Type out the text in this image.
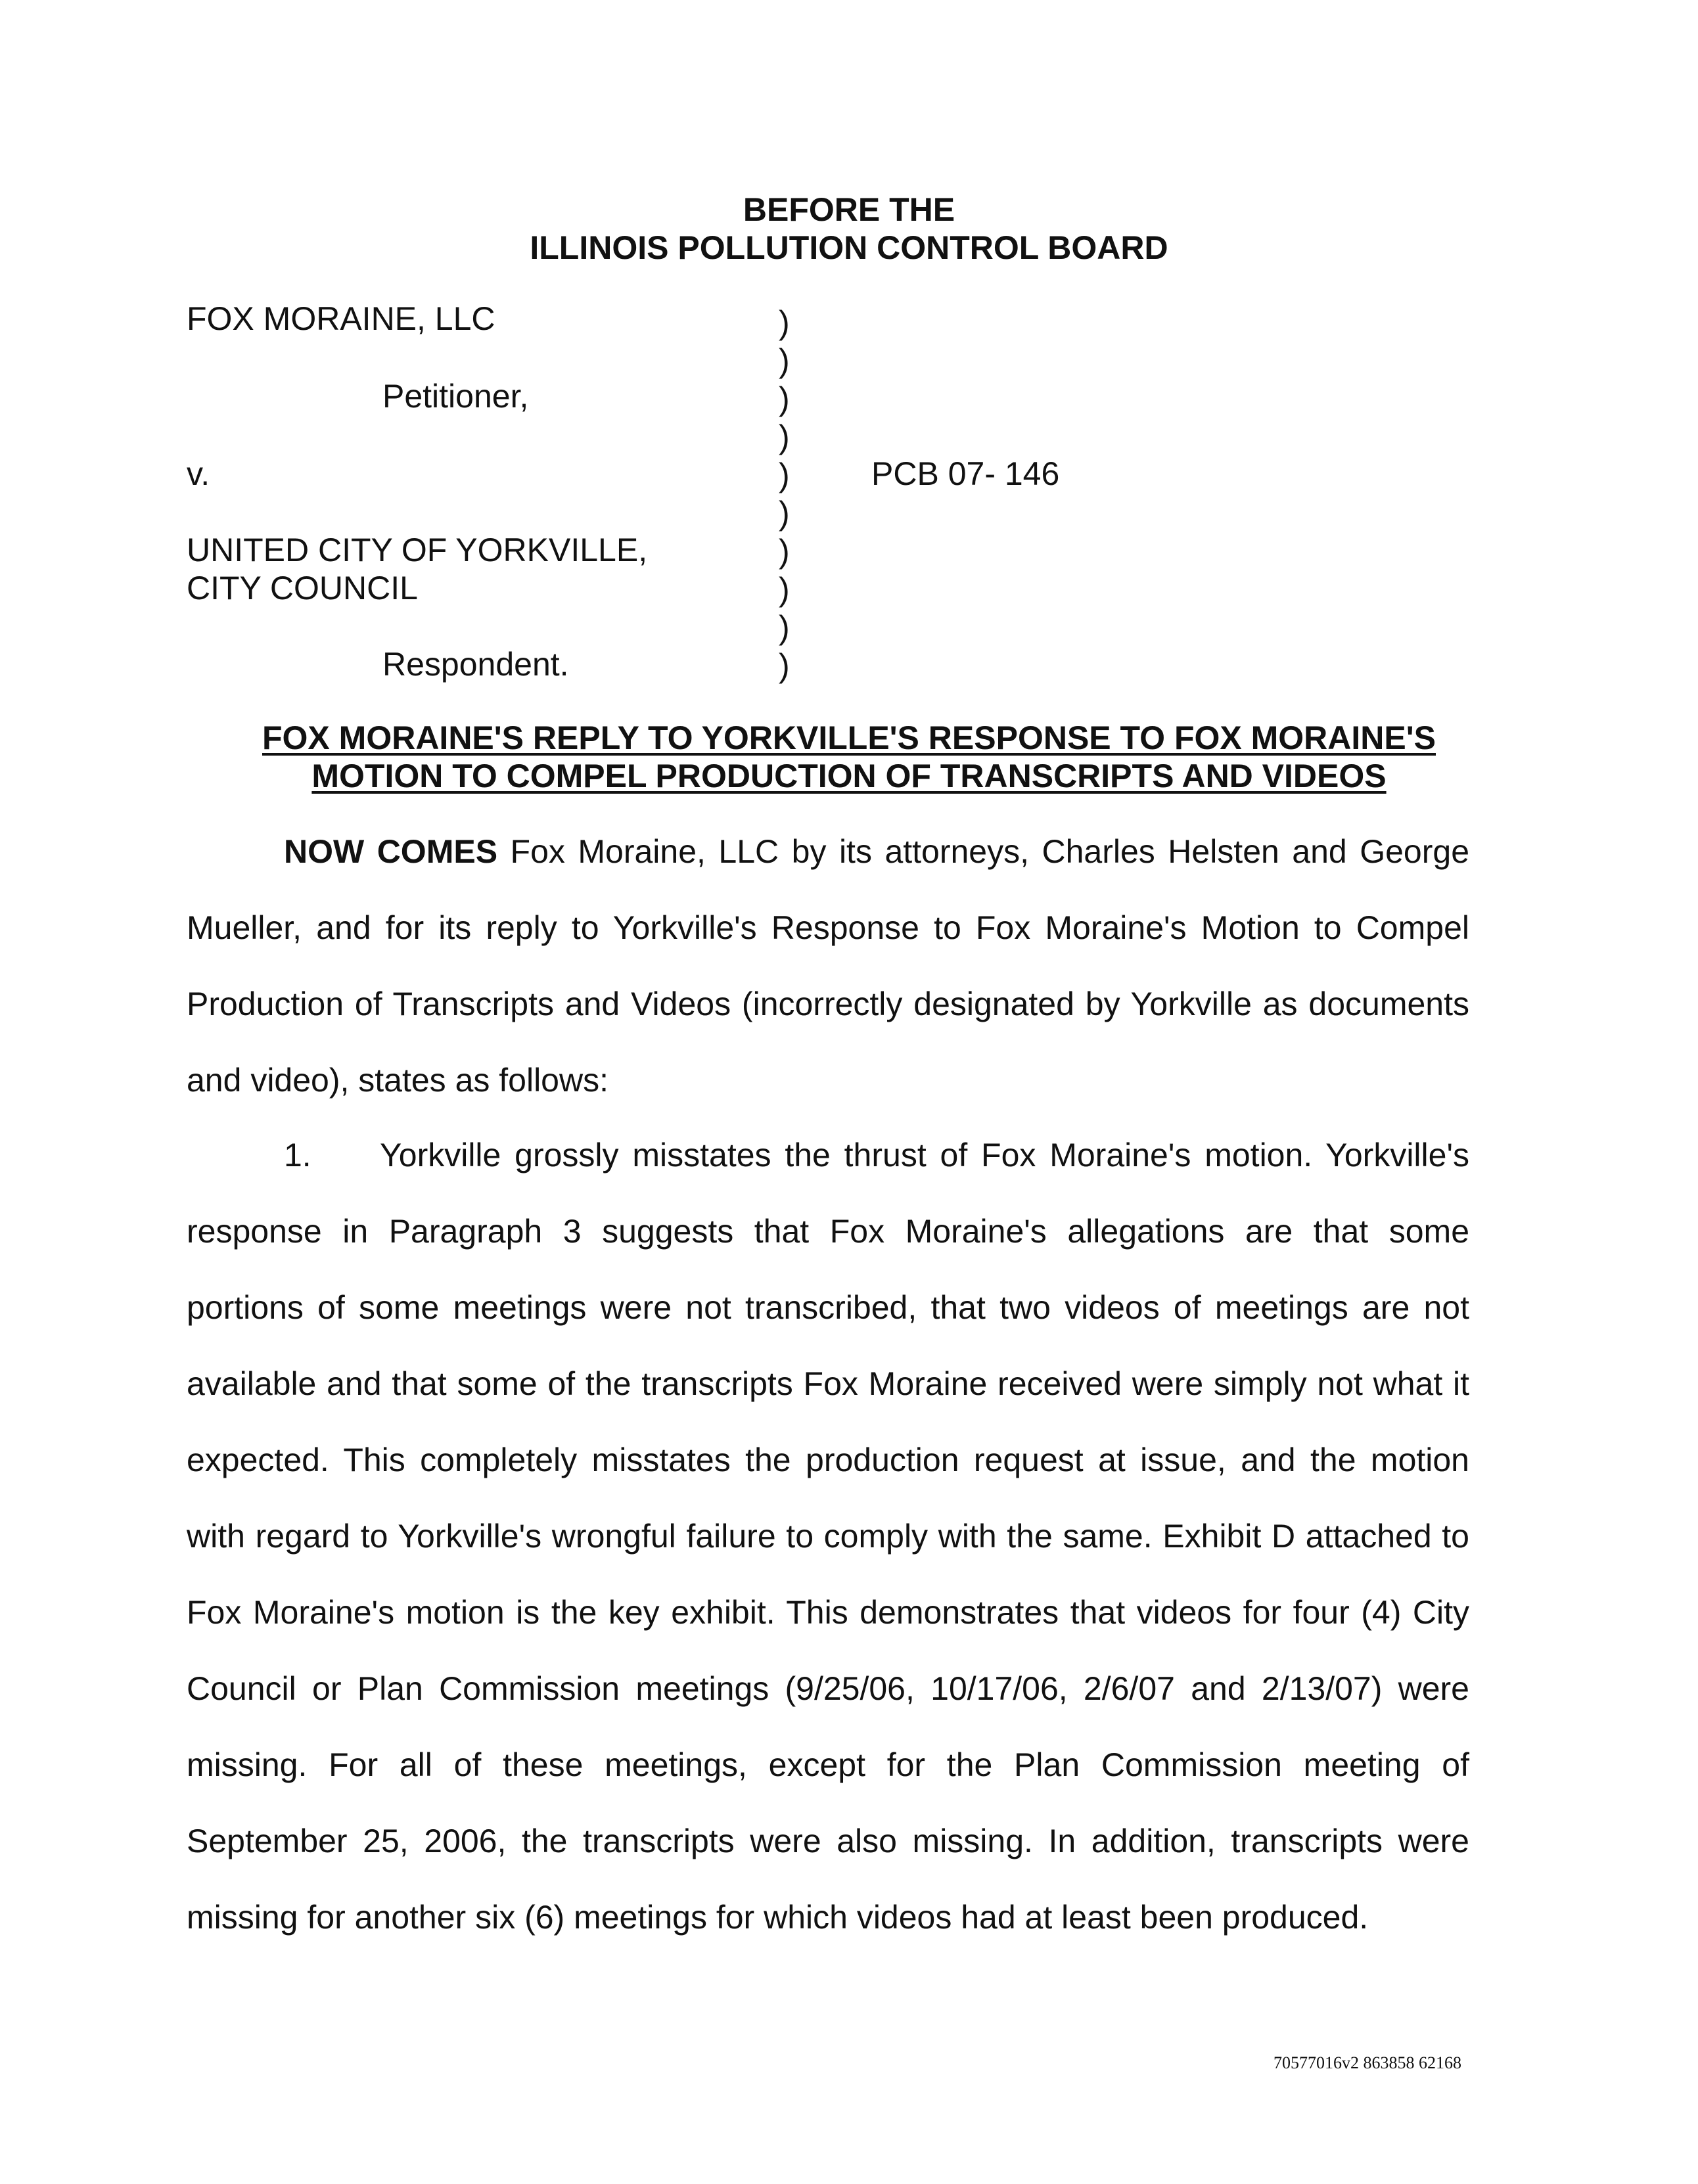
BEFORE THE
ILLINOIS POLLUTION CONTROL BOARD
FOX MORAINE, LLC
Petitioner,
v.
UNITED CITY OF YORKVILLE,
CITY COUNCIL
Respondent.
)
)
)
)
)
)
)
)
)
)
PCB 07- 146
FOX MORAINE'S REPLY TO YORKVILLE'S RESPONSE TO FOX MORAINE'S
MOTION TO COMPEL PRODUCTION OF TRANSCRIPTS AND VIDEOS
NOW COMES Fox Moraine, LLC by its attorneys, Charles Helsten and George
Mueller, and for its reply to Yorkville's Response to Fox Moraine's Motion to Compel
Production of Transcripts and Videos (incorrectly designated by Yorkville as documents
and video), states as follows:
1. Yorkville grossly misstates the thrust of Fox Moraine's motion. Yorkville's
response in Paragraph 3 suggests that Fox Moraine's allegations are that some
portions of some meetings were not transcribed, that two videos of meetings are not
available and that some of the transcripts Fox Moraine received were simply not what it
expected. This completely misstates the production request at issue, and the motion
with regard to Yorkville's wrongful failure to comply with the same. Exhibit D attached to
Fox Moraine's motion is the key exhibit. This demonstrates that videos for four (4) City
Council or Plan Commission meetings (9/25/06, 10/17/06, 2/6/07 and 2/13/07) were
missing. For all of these meetings, except for the Plan Commission meeting of
September 25, 2006, the transcripts were also missing. In addition, transcripts were
missing for another six (6) meetings for which videos had at least been produced.
70577016v2 863858 62168
